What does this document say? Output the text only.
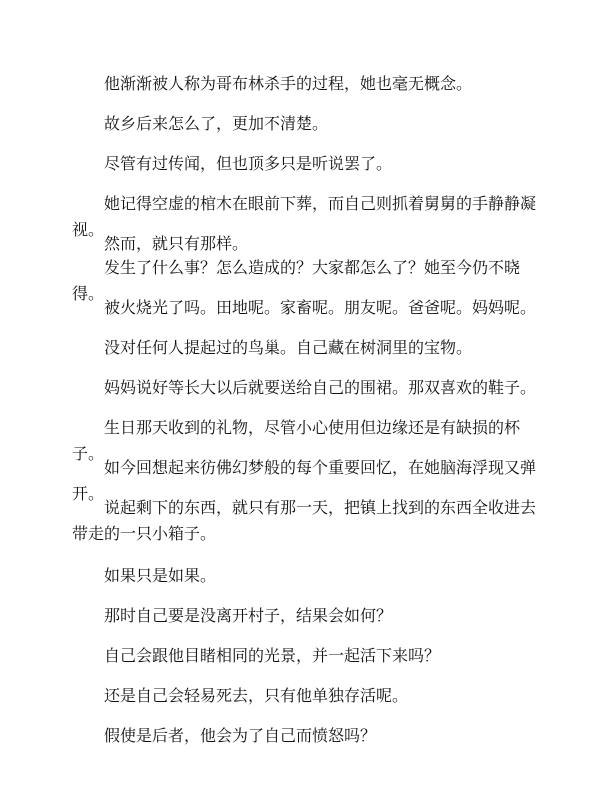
他渐渐被人称为哥布林杀手的过程，她也毫无概念。

故乡后来怎么了，更加不清楚。

尽管有过传闻，但也顶多只是听说罢了。

她记得空虚的棺木在眼前下葬，而自己则抓着舅舅的手静静凝视。

然而，就只有那样。

发生了什么事？怎么造成的？大家都怎么了？她至今仍不晓得。

被火烧光了吗。田地呢。家畜呢。朋友呢。爸爸呢。妈妈呢。

没对任何人提起过的鸟巢。自己藏在树洞里的宝物。

妈妈说好等长大以后就要送给自己的围裙。那双喜欢的鞋子。

生日那天收到的礼物，尽管小心使用但边缘还是有缺损的杯子。

如今回想起来彷佛幻梦般的每个重要回忆，在她脑海浮现又弹开。

说起剩下的东西，就只有那一天，把镇上找到的东西全收进去带走的一只小箱子。

如果只是如果。

那时自己要是没离开村子，结果会如何？

自己会跟他目睹相同的光景，并一起活下来吗？

还是自己会轻易死去，只有他单独存活呢。

假使是后者，他会为了自己而愤怒吗？
